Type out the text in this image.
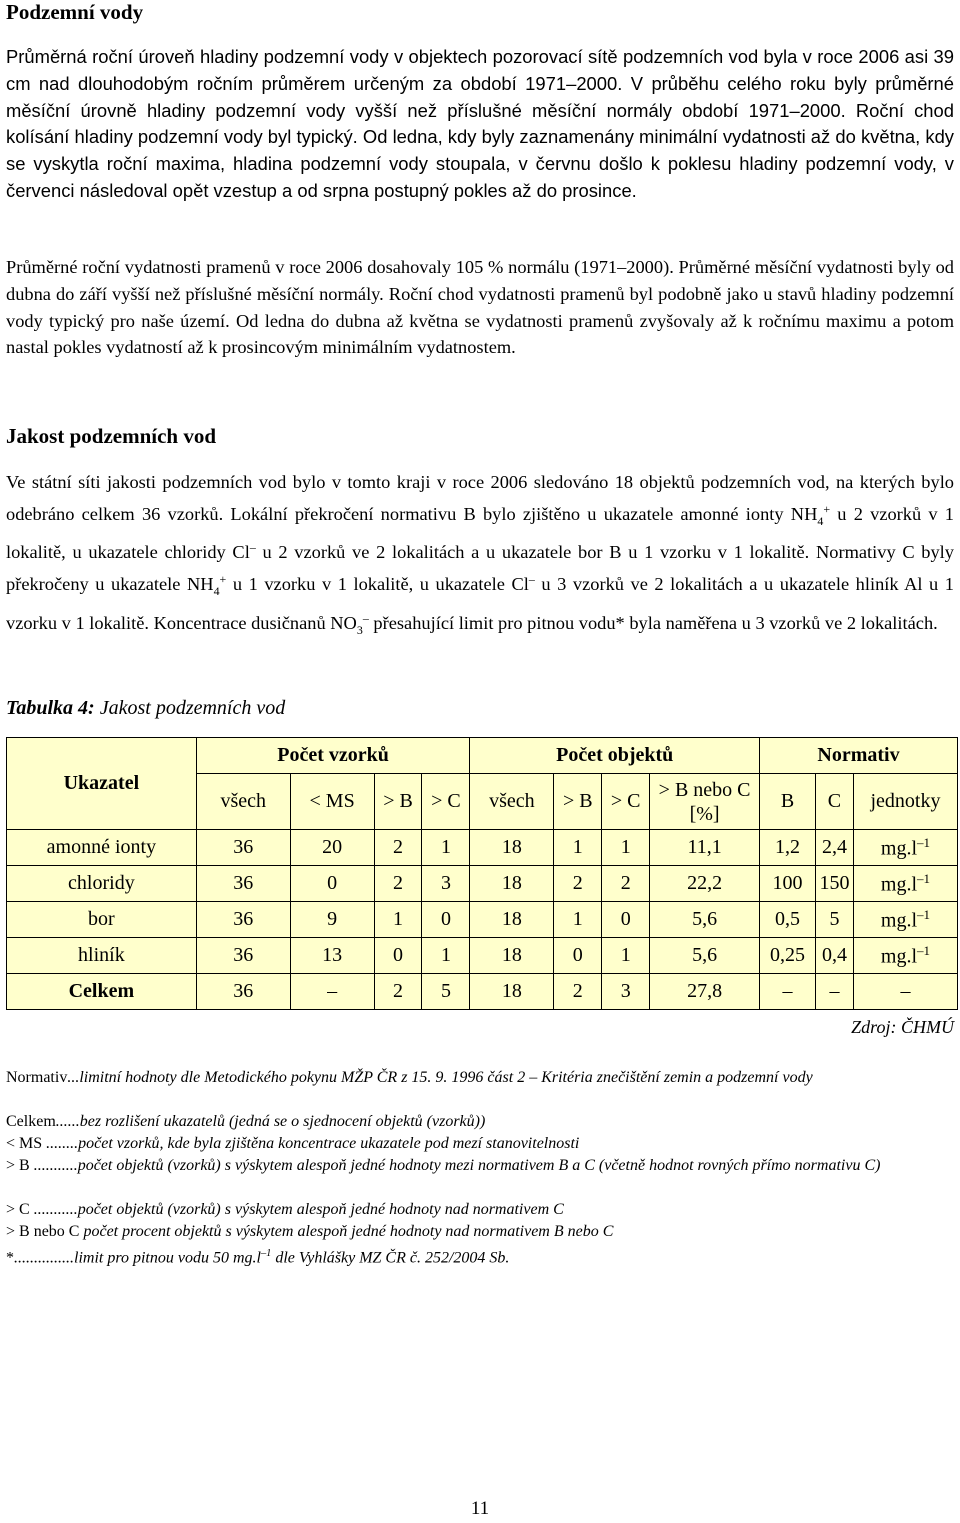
Podzemní vody

Průměrná roční úroveň hladiny podzemní vody v objektech pozorovací sítě podzemních vod byla v roce 2006 asi 39 cm nad dlouhodobým ročním průměrem určeným za období 1971–2000. V průběhu celého roku byly průměrné měsíční úrovně hladiny podzemní vody vyšší než příslušné měsíční normály období 1971–2000. Roční chod kolísání hladiny podzemní vody byl typický. Od ledna, kdy byly zaznamenány minimální vydatnosti až do května, kdy se vyskytla roční maxima, hladina podzemní vody stoupala, v červnu došlo k poklesu hladiny podzemní vody, v červenci následoval opět vzestup a od srpna postupný pokles až do prosince.

Průměrné roční vydatnosti pramenů v roce 2006 dosahovaly 105 % normálu (1971–2000). Průměrné měsíční vydatnosti byly od dubna do září vyšší než příslušné měsíční normály. Roční chod vydatnosti pramenů byl podobně jako u stavů hladiny podzemní vody typický pro naše území. Od ledna do dubna až května se vydatnosti pramenů zvyšovaly až k ročnímu maximu a potom nastal pokles vydatností až k prosincovým minimálním vydatnostem.

Jakost podzemních vod

Ve státní síti jakosti podzemních vod bylo v tomto kraji v roce 2006 sledováno 18 objektů podzemních vod, na kterých bylo odebráno celkem 36 vzorků. Lokální překročení normativu B bylo zjištěno u ukazatele amonné ionty $NH_4^+$ u 2 vzorků v 1 lokalitě, u ukazatele chloridy Cl– u 2 vzorků ve 2 lokalitách a u ukazatele bor B u 1 vzorku v 1 lokalitě. Normativy C byly překročeny u ukazatele $NH_4^+$ u 1 vzorku v 1 lokalitě, u ukazatele Cl– u 3 vzorků ve 2 lokalitách a u ukazatele hliník Al u 1 vzorku v 1 lokalitě. Koncentrace dusičnanů $NO_3^-$ přesahující limit pro pitnou vodu* byla naměřena u 3 vzorků ve 2 lokalitách.

Tabulka 4: Jakost podzemních vod
Ukazatel	Počet vzorků				Počet objektů				Normativ		
	všech	< MS	> B	> C	všech	> B	> C	> B nebo C [%]	B	C	jednotky
amonné ionty	36	20	2	1	18	1	1	11,1	1,2	2,4	$mg.l^{-1}$
chloridy	36	0	2	3	18	2	2	22,2	100	150	$mg.l^{-1}$
bor	36	9	1	0	18	1	0	5,6	0,5	5	$mg.l^{-1}$
hliník	36	13	0	1	18	0	1	5,6	0,25	0,4	$mg.l^{-1}$
Celkem	36	–	2	5	18	2	3	27,8	–	–	–
Zdroj: ČHMÚ

Normativ...limitní hodnoty dle Metodického pokynu MŽP ČR z 15. 9. 1996 část 2 – Kritéria znečištění zemin a podzemní vody

Celkem......bez rozlišení ukazatelů (jedná se o sjednocení objektů (vzorků))

< MS ........počet vzorků, kde byla zjištěna koncentrace ukazatele pod mezí stanovitelnosti

> B ...........počet objektů (vzorků) s výskytem alespoň jedné hodnoty mezi normativem B a C (včetně hodnot rovných přímo normativu C)

> C ...........počet objektů (vzorků) s výskytem alespoň jedné hodnoty nad normativem C

> B nebo C počet procent objektů s výskytem alespoň jedné hodnoty nad normativem B nebo C

*...............limit pro pitnou vodu 50 $mg.l^{-1}$ dle Vyhlášky MZ ČR č. 252/2004 Sb.

11
